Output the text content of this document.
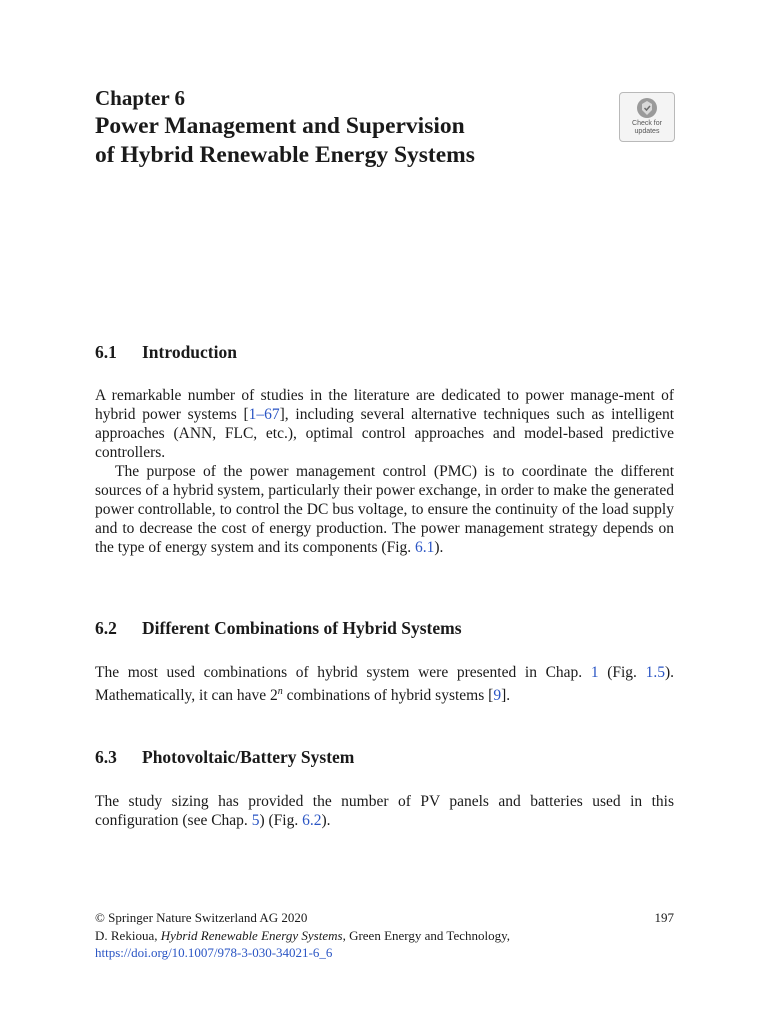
Chapter 6
Power Management and Supervision
of Hybrid Renewable Energy Systems
Check for
updates
6.1 Introduction

A remarkable number of studies in the literature are dedicated to power manage-ment of hybrid power systems [1–67], including several alternative techniques such as intelligent approaches (ANN, FLC, etc.), optimal control approaches and model-based predictive controllers.

The purpose of the power management control (PMC) is to coordinate the different sources of a hybrid system, particularly their power exchange, in order to make the generated power controllable, to control the DC bus voltage, to ensure the continuity of the load supply and to decrease the cost of energy production. The power management strategy depends on the type of energy system and its components (Fig. 6.1).

6.2 Different Combinations of Hybrid Systems

The most used combinations of hybrid system were presented in Chap. 1 (Fig. 1.5). Mathematically, it can have 2$^n$ combinations of hybrid systems [9].

6.3 Photovoltaic/Battery System

The study sizing has provided the number of PV panels and batteries used in this configuration (see Chap. 5) (Fig. 6.2).

© Springer Nature Switzerland AG 2020	197
D. Rekioua, Hybrid Renewable Energy Systems, Green Energy and Technology,
https://doi.org/10.1007/978-3-030-34021-6_6
